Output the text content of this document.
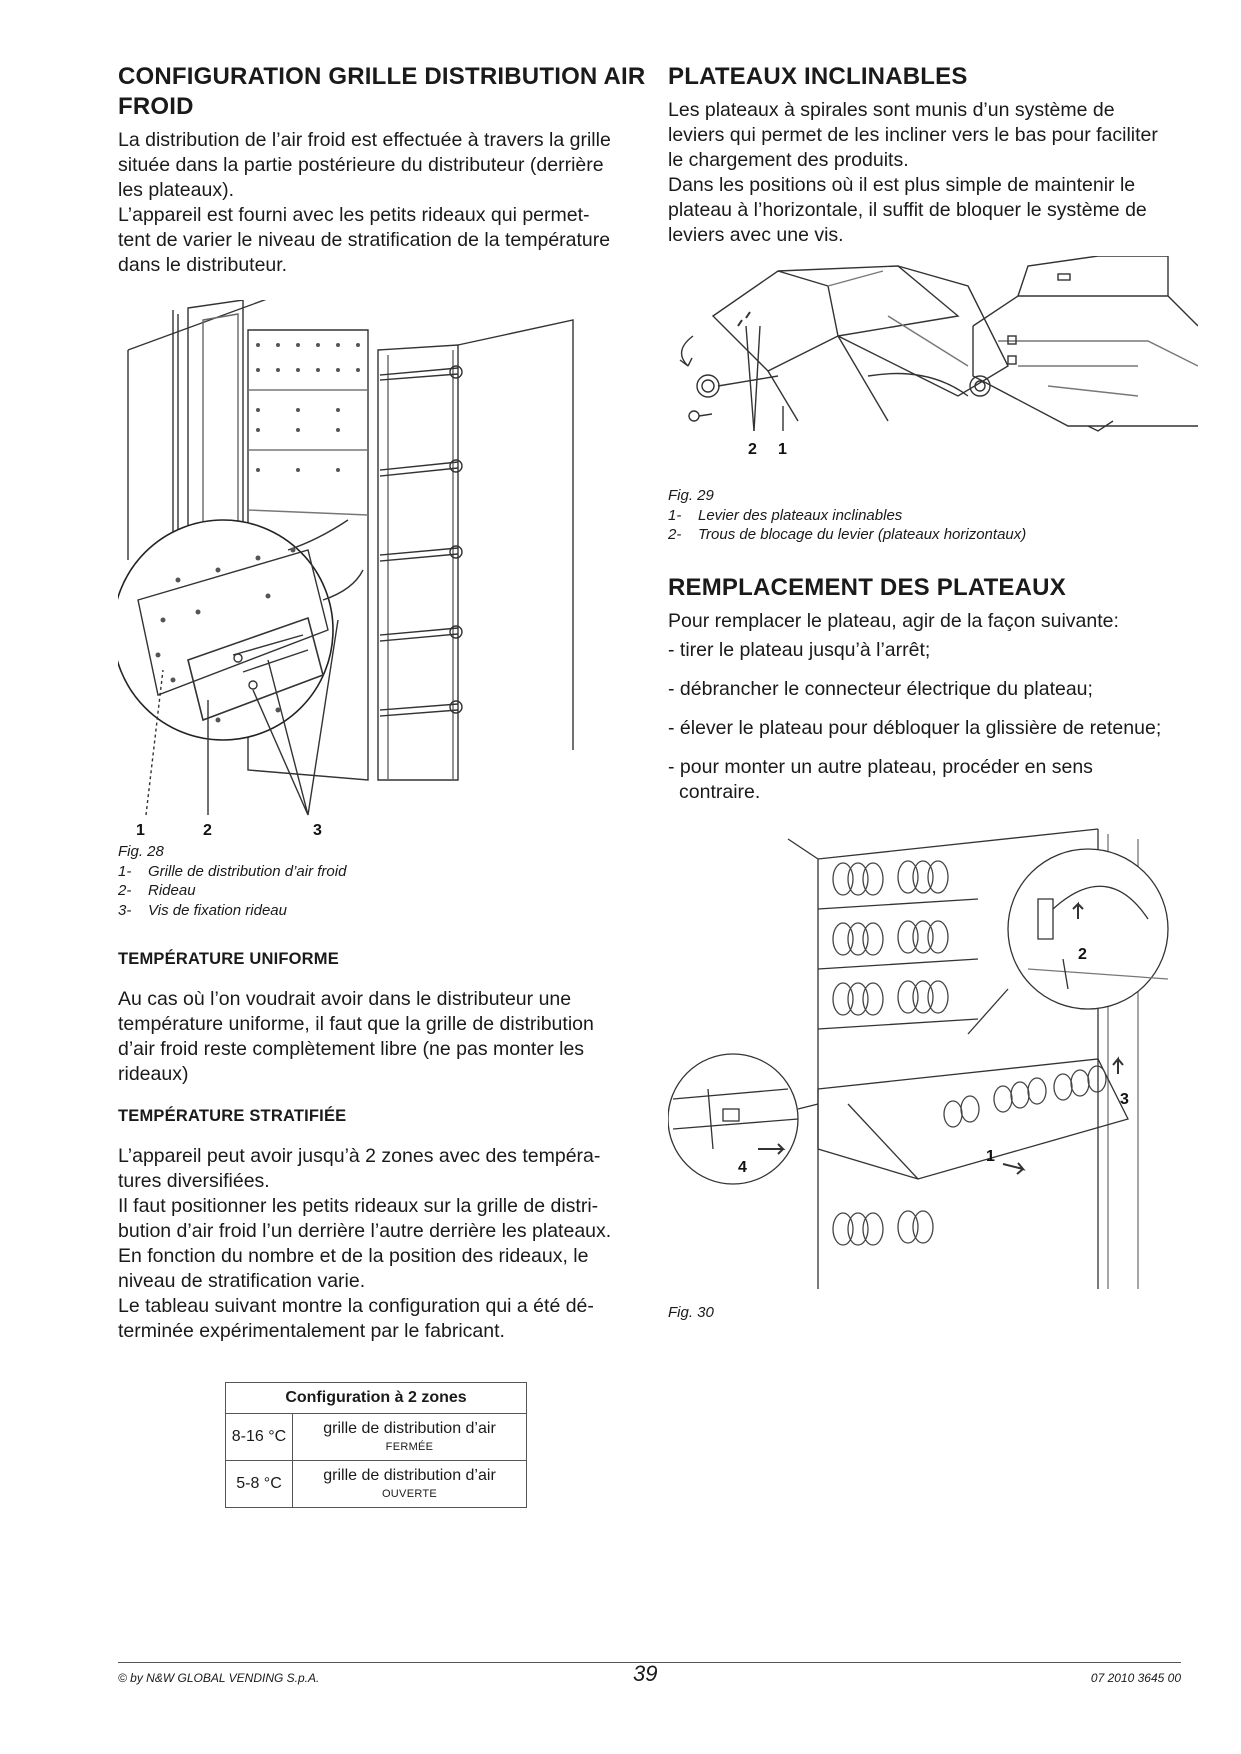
CONFIGURATION GRILLE DISTRIBUTION AIR FROID

La distribution de l’air froid est effectuée à travers la grille
située dans la partie postérieure du distributeur (derrière
les plateaux).
L’appareil est fourni avec les petits rideaux qui permet-
tent de varier le niveau de stratification de la température
dans le distributeur.

1	2	3

Fig. 28

1- Grille de distribution d’air froid

2- Rideau

3- Vis de fixation rideau

TEMPÉRATURE UNIFORME

Au cas où l’on voudrait avoir dans le distributeur une
température uniforme, il faut que la grille de distribution
d’air froid reste complètement libre (ne pas monter les
rideaux)

TEMPÉRATURE STRATIFIÉE

L’appareil peut avoir jusqu’à 2 zones avec des tempéra-
tures diversifiées.
Il faut positionner les petits rideaux sur la grille de distri-
bution d’air froid l’un derrière l’autre derrière les plateaux.
En fonction du nombre et de la position des rideaux, le
niveau de stratification varie.
Le tableau suivant montre la configuration qui a été dé-
terminée expérimentalement par le fabricant.

Configuration à 2 zones	
8-16 °C	grille de distribution d’air
FERMÉE

5-8 °C	grille de distribution d’air
OUVERTE
PLATEAUX INCLINABLES

Les plateaux à spirales sont munis d’un système de
leviers qui permet de les incliner vers le bas pour faciliter
le chargement des produits.
Dans les positions où il est plus simple de maintenir le
plateau à l’horizontale, il suffit de bloquer le système de
leviers avec une vis.

2 1

Fig. 29

1- Levier des plateaux inclinables

2- Trous de blocage du levier (plateaux horizontaux)

REMPLACEMENT DES PLATEAUX

Pour remplacer le plateau, agir de la façon suivante:

- tirer le plateau jusqu’à l’arrêt;

- débrancher le connecteur électrique du plateau;

- élever le plateau pour débloquer la glissière de retenue;

- pour monter un autre plateau, procéder en sens
contraire.

1
2
3
4

Fig. 30

© by N&W GLOBAL VENDING S.p.A.	39	07 2010 3645 00
